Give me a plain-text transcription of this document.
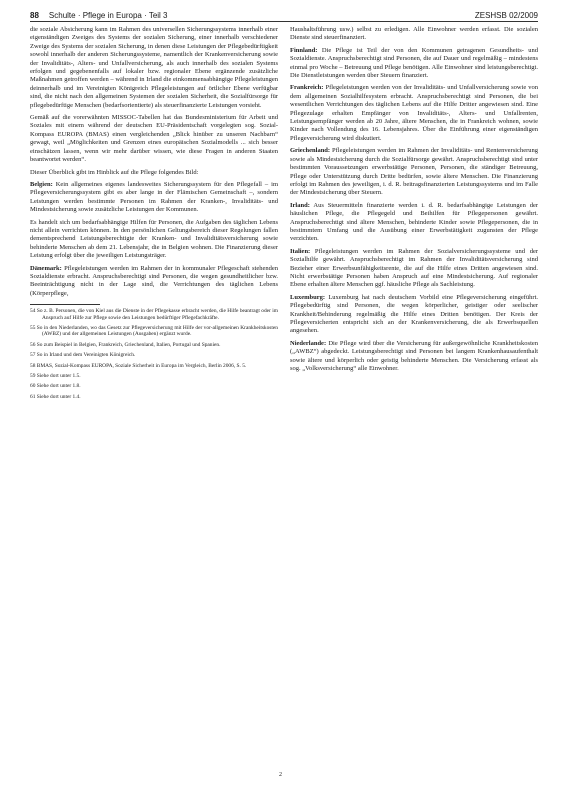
88 Schulte · Pflege in Europa · Teil 3	ZESHSB 02/2009

die soziale Absicherung kann im Rahmen des universellen Sicherungssystems innerhalb einer eigenständigen Zweiges des Systems der sozialen Sicherung, einer innerhalb verschiedener Zweige des Systems der sozialen Sicherung, in denen diese Leistungen der Pflegebedürftigkeit sowohl innerhalb der anderen Sicherungssysteme, namentlich der Krankenversicherung sowie der Invaliditäts-, Alters- und Unfallversicherung, als auch innerhalb des sozialen Systems erfolgen und gegebenenfalls auf lokaler bzw. regionaler Ebene ergänzende zusätzliche Maßnahmen getroffen werden – während in Irland die einkommensabhängige Pflegeleistungen deinnerhalb und im Vereinigten Königreich Pflegeleistungen auf örtlicher Ebene verfügbar sind, die nicht nach den allgemeinen Systemen der sozialen Sicherheit, die Sozialfürsorge für pflegebedürftige Menschen (bedarfsorientierte) als steuerfinanzierte Leistungen vorsieht.

Gemäß auf die vorerwähnten MISSOC-Tabellen hat das Bundesministerium für Arbeit und Soziales mit einem während der deutschen EU-Präsidentschaft vorgelegten sog. Sozial-Kompass EUROPA (BMAS) einen vergleichenden „Blick hinüber zu unseren Nachbarn“ gewagt, weil „Möglichkeiten und Grenzen eines europäischen Sozialmodells ... sich besser einschätzen lassen, wenn wir mehr darüber wissen, wie diese Fragen in anderen Staaten beantwortet werden“.

Dieser Überblick gibt im Hinblick auf die Pflege folgendes Bild:

Belgien: Kein allgemeines eigenes landesweites Sicherungssystem für den Pflegefall – im Pflegeversicherungssystem gibt es aber lange in der Flämischen Gemeinschaft –, sondern Leistungen werden bestimmte Personen im Rahmen der Kranken-, Invaliditäts- und Mindestsicherung sowie zusätzliche Leistungen der Kommunen.

Es handelt sich um bedarfsabhängige Hilfen für Personen, die Aufgaben des täglichen Lebens nicht allein verrichten können. In den persönlichen Geltungsbereich dieser Regelungen fallen dementsprechend Leistungsberechtigte der Kranken- und Invaliditätsversicherung sowie behinderte Menschen ab dem 21. Lebensjahr, die in Belgien wohnen. Die Finanzierung dieser Leistung erfolgt über die jeweiligen Leistungsträger.

Dänemark: Pflegeleistungen werden im Rahmen der in kommunaler Pflegeschaft stehenden Sozialdienste erbracht. Anspruchsberechtigt sind Personen, die wegen gesundheitlicher bzw. Beeinträchtigung nicht in der Lage sind, die Verrichtungen des täglichen Lebens (Körperpflege,

54 So z. B. Personen, die von Kiel aus die Dienste in der Pflegekasse erbracht werden, die Hilfe beantragt oder im Anspruch auf Hilfe zur Pflege sowie den Leistungen bedürftiger Pflegefachkräfte.

55 So in den Niederlanden, wo das Gesetz zur Pflegeversicherung mit Hilfe der vor-allgemeinen Krankheitskosten (AWBZ) und der allgemeinen Leistungen (Ausgaben) ergänzt wurde.

56 So zum Beispiel in Belgien, Frankreich, Griechenland, Italien, Portugal und Spanien.

57 So in Irland und dem Vereinigten Königreich.

58 BMAS, Sozial-Kompass EUROPA, Soziale Sicherheit in Europa im Vergleich, Berlin 2006, S. 5.

59 Siehe dort unter 1.5.

60 Siehe dort unter 1.8.

61 Siehe dort unter 1.4.

Haushaltsführung usw.) selbst zu erledigen. Alle Einwohner werden erfasst. Die sozialen Dienste sind steuerfinanziert.

Finnland: Die Pflege ist Teil der von den Kommunen getragenen Gesundheits- und Sozialdienste. Anspruchsberechtigt sind Personen, die auf Dauer und regelmäßig – mindestens einmal pro Woche – Betreuung und Pflege benötigen. Alle Einwohner sind leistungsberechtigt. Die Dienstleistungen werden über Steuern finanziert.

Frankreich: Pflegeleistungen werden von der Invaliditäts- und Unfallversicherung sowie von dem allgemeinen Sozialhilfesystem erbracht. Anspruchsberechtigt sind Personen, die bei wesentlichen Verrichtungen des täglichen Lebens auf die Hilfe Dritter angewiesen sind. Eine Pflegezulage erhalten Empfänger von Invaliditäts-, Alters- und Unfallrenten, Leistungsempfänger werden ab 20 Jahre, ältere Menschen, die in Frankreich wohnen, sowie Kinder nach Vollendung des 16. Lebensjahres. Über die Einführung einer eigenständigen Pflegeversicherung wird diskutiert.

Griechenland: Pflegeleistungen werden im Rahmen der Invaliditäts- und Rentenversicherung sowie als Mindestsicherung durch die Sozialfürsorge gewährt. Anspruchsberechtigt sind unter bestimmten Voraussetzungen erwerbstätige Personen, Personen, die ständiger Betreuung, Pflege oder Unterstützung durch Dritte bedürfen, sowie ältere Menschen. Die Finanzierung erfolgt im Rahmen des jeweiligen, i. d. R. beitragsfinanzierten Leistungssystems und im Falle der Mindestsicherung über Steuern.

Irland: Aus Steuermitteln finanzierte werden i. d. R. bedarfsabhängige Leistungen der häuslichen Pflege, die Pflegegeld und Beihilfen für Pflegepersonen gewährt. Anspruchsberechtigt sind ältere Menschen, behinderte Kinder sowie Pflegepersonen, die in bestimmtem Umfang und die Ausübung einer Erwerbstätigkeit zugunsten der Pflege verzichten.

Italien: Pflegeleistungen werden im Rahmen der Sozialversicherungssysteme und der Sozialhilfe gewährt. Anspruchsberechtigt im Rahmen der Invaliditätsversicherung sind Bezieher einer Erwerbsunfähigkeitsrente, die auf die Hilfe eines Dritten angewiesen sind. Nicht erwerbstätige Personen haben Anspruch auf eine Mindestsicherung. Auf regionaler Ebene erhalten ältere Menschen ggf. häusliche Pflege als Sachleistung.

Luxemburg: Luxemburg hat nach deutschem Vorbild eine Pflegeversicherung eingeführt. Pflegebedürftig sind Personen, die wegen körperlicher, geistiger oder seelischer Krankheit/Behinderung regelmäßig die Hilfe eines Dritten benötigen. Der Kreis der Pflegeversicherten entspricht sich an der Krankenversicherung, die als Erwerbsquellen angesehen.

Niederlande: Die Pflege wird über die Versicherung für außergewöhnliche Krankheitskosten („AWBZ“) abgedeckt. Leistungsberechtigt sind Personen bei langem Krankenhausaufenthalt sowie ältere und körperlich oder geistig behinderte Menschen. Die Versicherung erfasst als sog. „Volksversicherung“ alle Einwohner.

2
